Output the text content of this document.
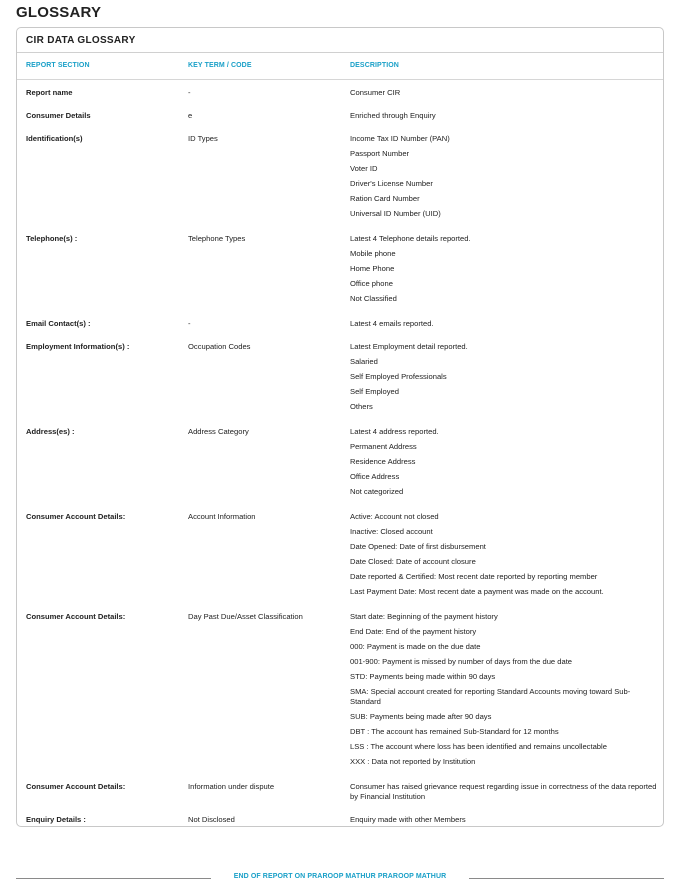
GLOSSARY
CIR DATA GLOSSARY
REPORT SECTION	KEY TERM / CODE	DESCRIPTION
Report name	-	Consumer CIR
Consumer Details	e	Enriched through Enquiry
Identification(s)	ID Types	Income Tax ID Number (PAN)
Passport Number
Voter ID
Driver's License Number
Ration Card Number
Universal ID Number (UID)
Telephone(s) :	Telephone Types	Latest 4 Telephone details reported.
Mobile phone
Home Phone
Office phone
Not Classified
Email Contact(s) :	-	Latest 4 emails reported.
Employment Information(s) :	Occupation Codes	Latest Employment detail reported.
Salaried
Self Employed Professionals
Self Employed
Others
Address(es) :	Address Category	Latest 4 address reported.
Permanent Address
Residence Address
Office Address
Not categorized
Consumer Account Details:	Account Information	Active: Account not closed
Inactive: Closed account
Date Opened: Date of first disbursement
Date Closed: Date of account closure
Date reported & Certified: Most recent date reported by reporting member
Last Payment Date: Most recent date a payment was made on the account.
Consumer Account Details:	Day Past Due/Asset Classification	Start date: Beginning of the payment history
End Date: End of the payment history
000: Payment is made on the due date
001-900: Payment is missed by number of days from the due date
STD: Payments being made within 90 days
SMA: Special account created for reporting Standard Accounts moving toward Sub-Standard
SUB: Payments being made after 90 days
DBT : The account has remained Sub-Standard for 12 months
LSS : The account where loss has been identified and remains uncollectable
XXX : Data not reported by Institution
Consumer Account Details:	Information under dispute	Consumer has raised grievance request regarding issue in correctness of the data reported by Financial Institution
Enquiry Details :	Not Disclosed	Enquiry made with other Members
END OF REPORT ON PRAROOP MATHUR PRAROOP MATHUR
